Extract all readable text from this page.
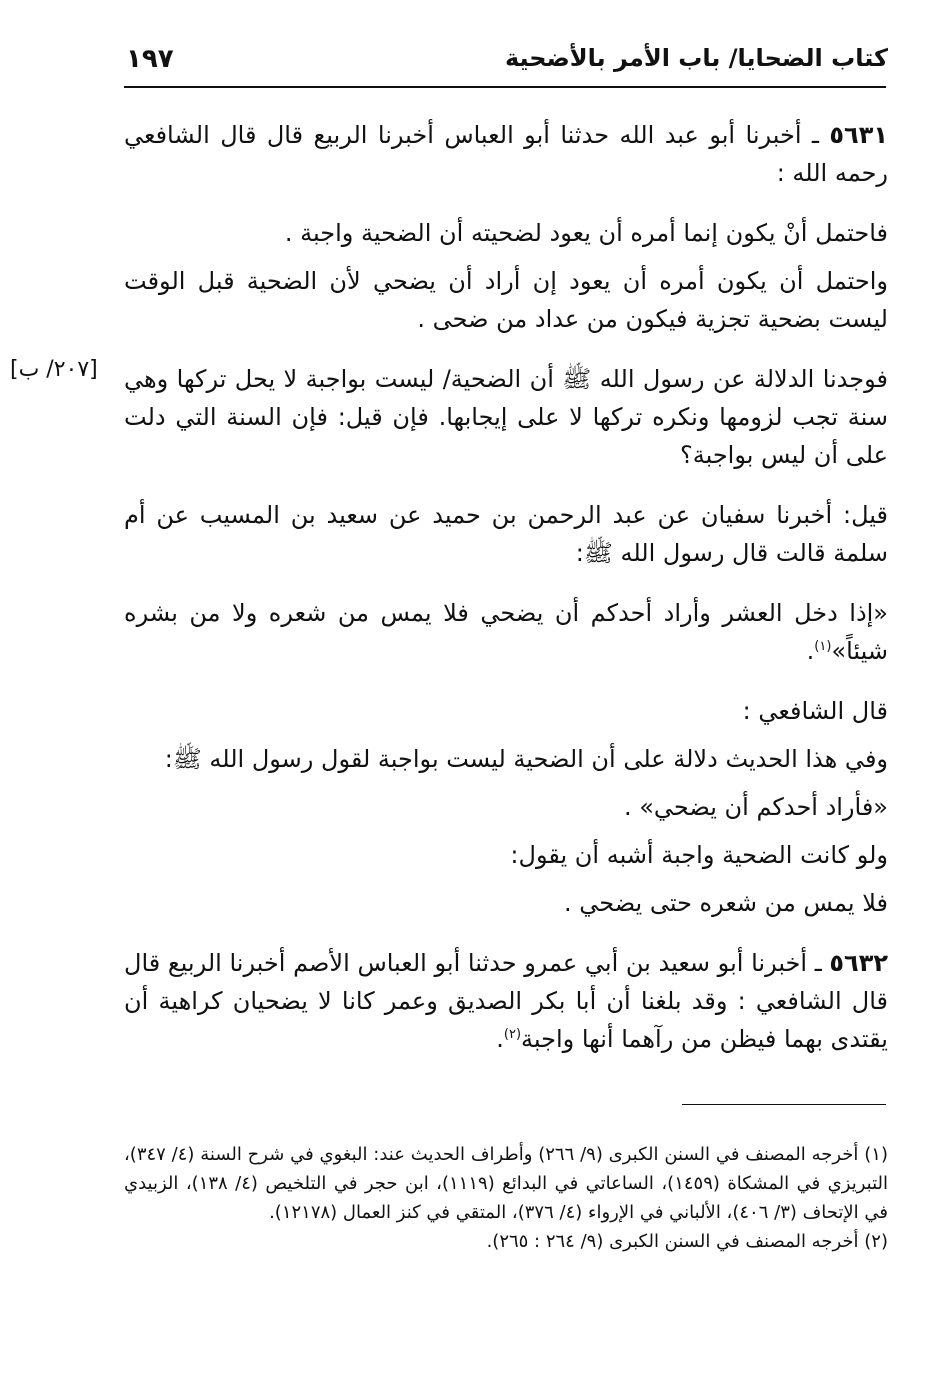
كتاب الضحايا/ باب الأمر بالأضحية
١٩٧
[٢٠٧/ ب]

٥٦٣١ ـ أخبرنا أبو عبد الله حدثنا أبو العباس أخبرنا الربيع قال قال الشافعي رحمه الله :

فاحتمل أنْ يكون إنما أمره أن يعود لضحيته أن الضحية واجبة .

واحتمل أن يكون أمره أن يعود إن أراد أن يضحي لأن الضحية قبل الوقت ليست بضحية تجزية فيكون من عداد من ضحى .

فوجدنا الدلالة عن رسول الله ﷺ أن الضحية/ ليست بواجبة لا يحل تركها وهي سنة تجب لزومها ونكره تركها لا على إيجابها. فإن قيل: فإن السنة التي دلت على أن ليس بواجبة؟

قيل: أخبرنا سفيان عن عبد الرحمن بن حميد عن سعيد بن المسيب عن أم سلمة قالت قال رسول الله ﷺ:

«إذا دخل العشر وأراد أحدكم أن يضحي فلا يمس من شعره ولا من بشره شيئاً»$^{(١)}$.

قال الشافعي :

وفي هذا الحديث دلالة على أن الضحية ليست بواجبة لقول رسول الله ﷺ:

«فأراد أحدكم أن يضحي» .

ولو كانت الضحية واجبة أشبه أن يقول:

فلا يمس من شعره حتى يضحي .

٥٦٣٢ ـ أخبرنا أبو سعيد بن أبي عمرو حدثنا أبو العباس الأصم أخبرنا الربيع قال قال الشافعي : وقد بلغنا أن أبا بكر الصديق وعمر كانا لا يضحيان كراهية أن يقتدى بهما فيظن من رآهما أنها واجبة$^{(٢)}$.

(١) أخرجه المصنف في السنن الكبرى (٩/ ٢٦٦) وأطراف الحديث عند: البغوي في شرح السنة (٤/ ٣٤٧)، التبريزي في المشكاة (١٤٥٩)، الساعاتي في البدائع (١١١٩)، ابن حجر في التلخيص (٤/ ١٣٨)، الزبيدي في الإتحاف (٣/ ٤٠٦)، الألباني في الإرواء (٤/ ٣٧٦)، المتقي في كنز العمال (١٢١٧٨).

(٢) أخرجه المصنف في السنن الكبرى (٩/ ٢٦٤ : ٢٦٥).
